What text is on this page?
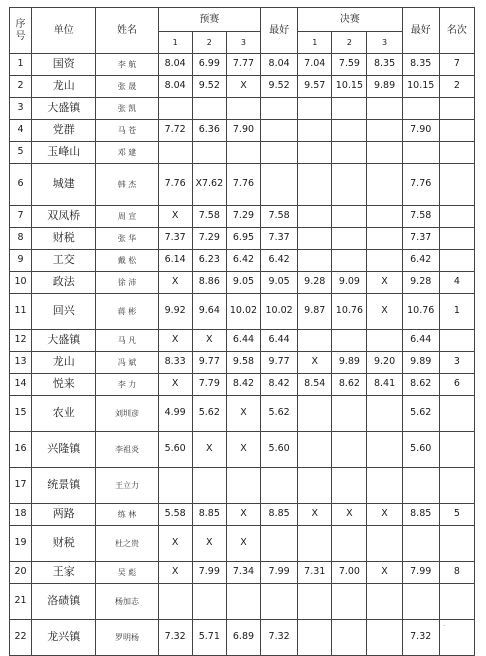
序号	单位	姓名	预赛			最好	决赛			最好	名次
			1	2	3		1	2	3		
1	国资	李 航	8.04	6.99	7.77	8.04	7.04	7.59	8.35	8.35	7
2	龙山	张 晟	8.04	9.52	X	9.52	9.57	10.15	9.89	10.15	2
3	大盛镇	张 凯									
4	党群	马 苍	7.72	6.36	7.90					7.90	
5	玉峰山	邓 建									
6	城建	韩 杰	7.76	X7.62	7.76					7.76	
7	双凤桥	周 宣	X	7.58	7.29	7.58				7.58	
8	财税	张 华	7.37	7.29	6.95	7.37				7.37	
9	工交	戴 松	6.14	6.23	6.42	6.42				6.42	
10	政法	徐 沛	X	8.86	9.05	9.05	9.28	9.09	X	9.28	4
11	回兴	蒋 彬	9.92	9.64	10.02	10.02	9.87	10.76	X	10.76	1
12	大盛镇	马 凡	X	X	6.44	6.44				6.44	
13	龙山	冯 斌	8.33	9.77	9.58	9.77	X	9.89	9.20	9.89	3
14	悦来	李 力	X	7.79	8.42	8.42	8.54	8.62	8.41	8.62	6
15	农业	刘圳彦	4.99	5.62	X	5.62				5.62	
16	兴隆镇	李祖炎	5.60	X	X	5.60				5.60	
17	统景镇	王立力									
18	两路	练 林	5.58	8.85	X	8.85	X	X	X	8.85	5
19	财税	杜之贵	X	X	X						
20	王家	吴 彪	X	7.99	7.34	7.99	7.31	7.00	X	7.99	8
21	洛碛镇	杨加志									
22	龙兴镇	罗明杨	7.32	5.71	6.89	7.32				7.32	
.
